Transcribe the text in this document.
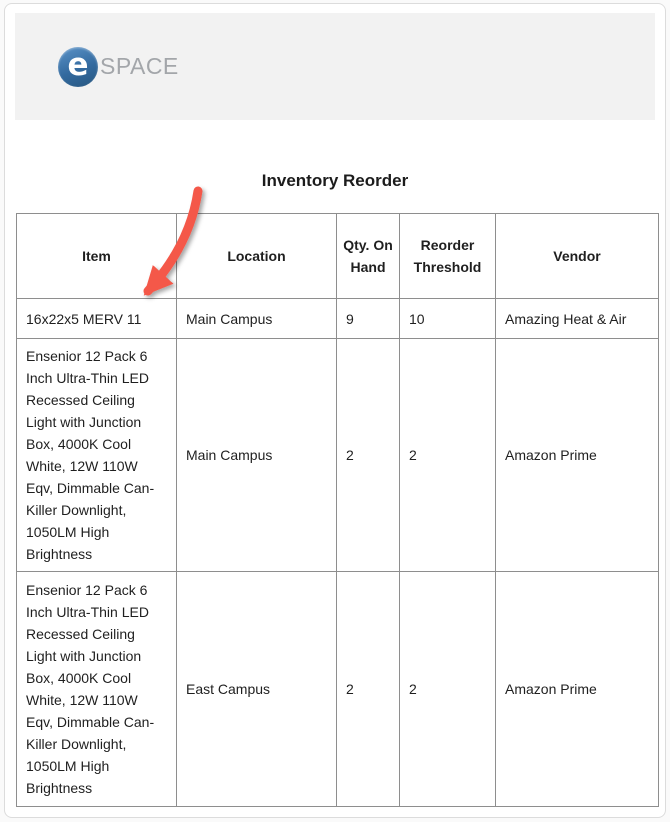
e SPACE
Inventory Reorder
Item	Location	Qty. On Hand	Reorder Threshold	Vendor
16x22x5 MERV 11	Main Campus	9	10	Amazing Heat & Air
Ensenior 12 Pack 6 Inch Ultra-Thin LED Recessed Ceiling Light with Junction Box, 4000K Cool White, 12W 110W Eqv, Dimmable Can-Killer Downlight, 1050LM High Brightness	Main Campus	2	2	Amazon Prime
Ensenior 12 Pack 6 Inch Ultra-Thin LED Recessed Ceiling Light with Junction Box, 4000K Cool White, 12W 110W Eqv, Dimmable Can-Killer Downlight, 1050LM High Brightness	East Campus	2	2	Amazon Prime
